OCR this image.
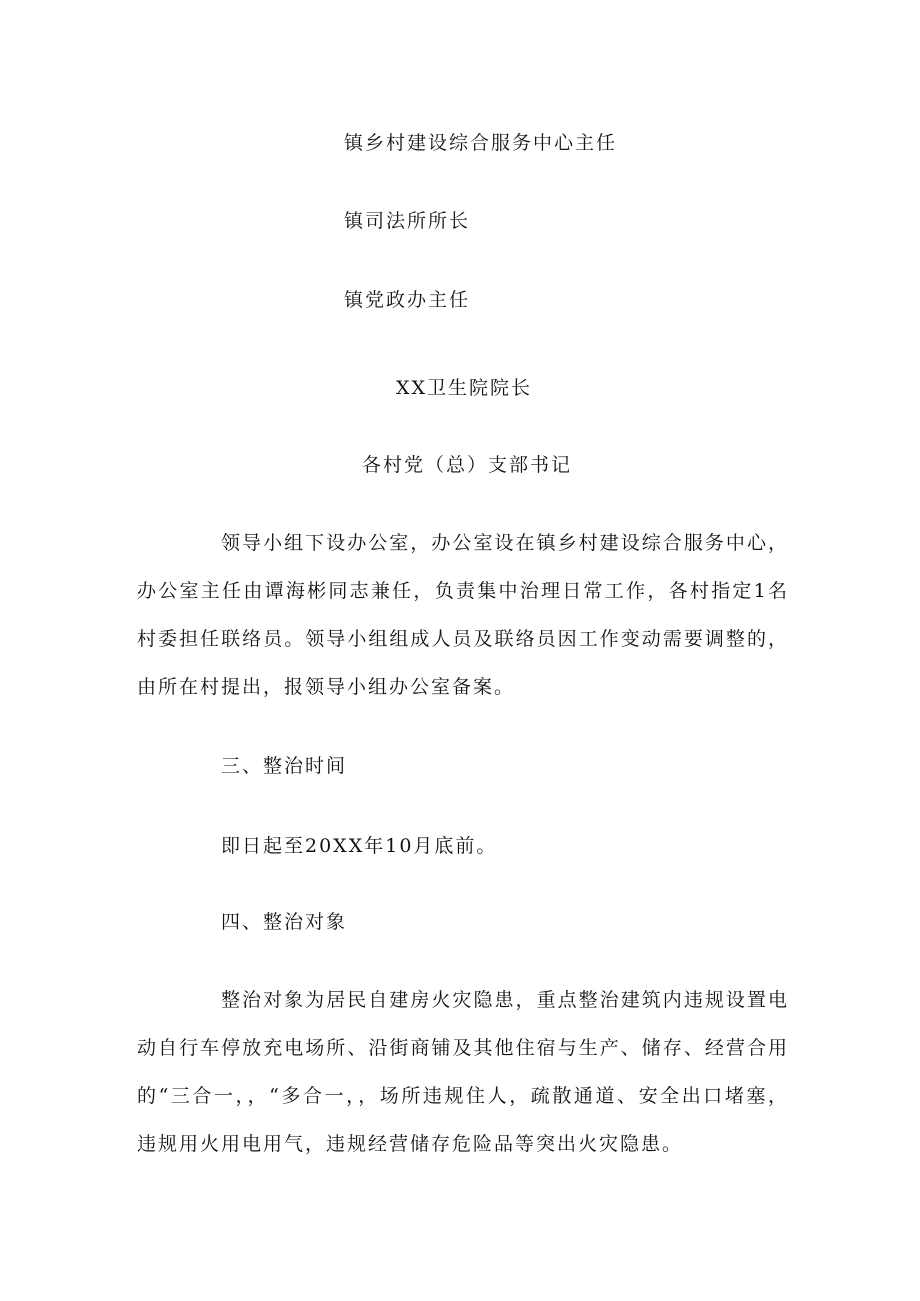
镇乡村建设综合服务中心主任
镇司法所所长
镇党政办主任
XX卫生院院长
各村党（总）支部书记
领导小组下设办公室，办公室设在镇乡村建设综合服务中心，办公室主任由谭海彬同志兼任，负责集中治理日常工作，各村指定1名村委担任联络员。领导小组组成人员及联络员因工作变动需要调整的，由所在村提出，报领导小组办公室备案。
三、整治时间
即日起至20XX年10月底前。
四、整治对象
整治对象为居民自建房火灾隐患，重点整治建筑内违规设置电动自行车停放充电场所、沿街商铺及其他住宿与生产、储存、经营合用的“三合一，，“多合一，，场所违规住人，疏散通道、安全出口堵塞，违规用火用电用气，违规经营储存危险品等突出火灾隐患。
